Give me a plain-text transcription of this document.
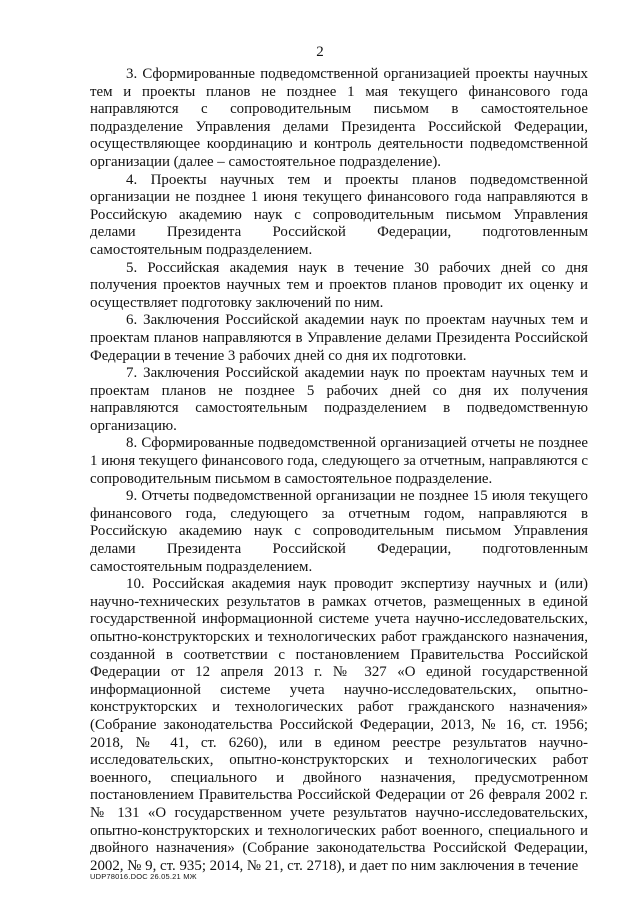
2

3. Сформированные подведомственной организацией проекты научных тем и проекты планов не позднее 1 мая текущего финансового года направляются с сопроводительным письмом в самостоятельное подразделение Управления делами Президента Российской Федерации, осуществляющее координацию и контроль деятельности подведомственной организации (далее – самостоятельное подразделение).

4. Проекты научных тем и проекты планов подведомственной организации не позднее 1 июня текущего финансового года направляются в Российскую академию наук с сопроводительным письмом Управления делами Президента Российской Федерации, подготовленным самостоятельным подразделением.

5. Российская академия наук в течение 30 рабочих дней со дня получения проектов научных тем и проектов планов проводит их оценку и осуществляет подготовку заключений по ним.

6. Заключения Российской академии наук по проектам научных тем и проектам планов направляются в Управление делами Президента Российской Федерации в течение 3 рабочих дней со дня их подготовки.

7. Заключения Российской академии наук по проектам научных тем и проектам планов не позднее 5 рабочих дней со дня их получения направляются самостоятельным подразделением в подведомственную организацию.

8. Сформированные подведомственной организацией отчеты не позднее 1 июня текущего финансового года, следующего за отчетным, направляются с сопроводительным письмом в самостоятельное подразделение.

9. Отчеты подведомственной организации не позднее 15 июля текущего финансового года, следующего за отчетным годом, направляются в Российскую академию наук с сопроводительным письмом Управления делами Президента Российской Федерации, подготовленным самостоятельным подразделением.

10. Российская академия наук проводит экспертизу научных и (или) научно-технических результатов в рамках отчетов, размещенных в единой государственной информационной системе учета научно-исследовательских, опытно-конструкторских и технологических работ гражданского назначения, созданной в соответствии с постановлением Правительства Российской Федерации от 12 апреля 2013 г. № 327 «О единой государственной информационной системе учета научно-исследовательских, опытно-конструкторских и технологических работ гражданского назначения» (Собрание законодательства Российской Федерации, 2013, № 16, ст. 1956; 2018, № 41, ст. 6260), или в едином реестре результатов научно-исследовательских, опытно-конструкторских и технологических работ военного, специального и двойного назначения, предусмотренном постановлением Правительства Российской Федерации от 26 февраля 2002 г. № 131 «О государственном учете результатов научно-исследовательских, опытно-конструкторских и технологических работ военного, специального и двойного назначения» (Собрание законодательства Российской Федерации, 2002, № 9, ст. 935; 2014, № 21, ст. 2718), и дает по ним заключения в течение

UDP78016.DOC 26.05.21 MЖ
